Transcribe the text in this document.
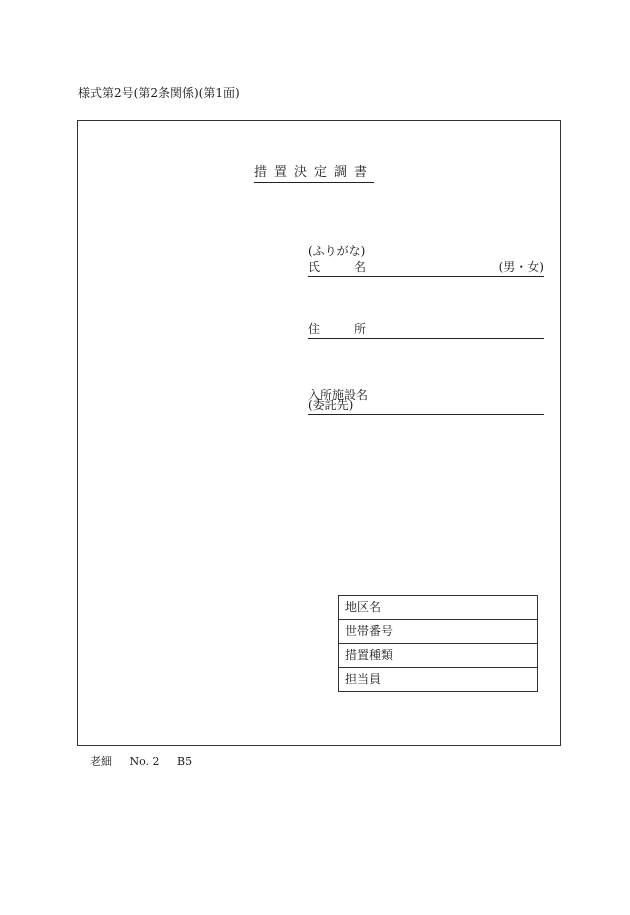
様式第2号(第2条関係)(第1面)
措置決定調書
(ふりがな)
氏名	(男・女)
住所
入所施設名
(委託先)
地区名
世帯番号
措置種類
担当員
老細 No. 2 B5
